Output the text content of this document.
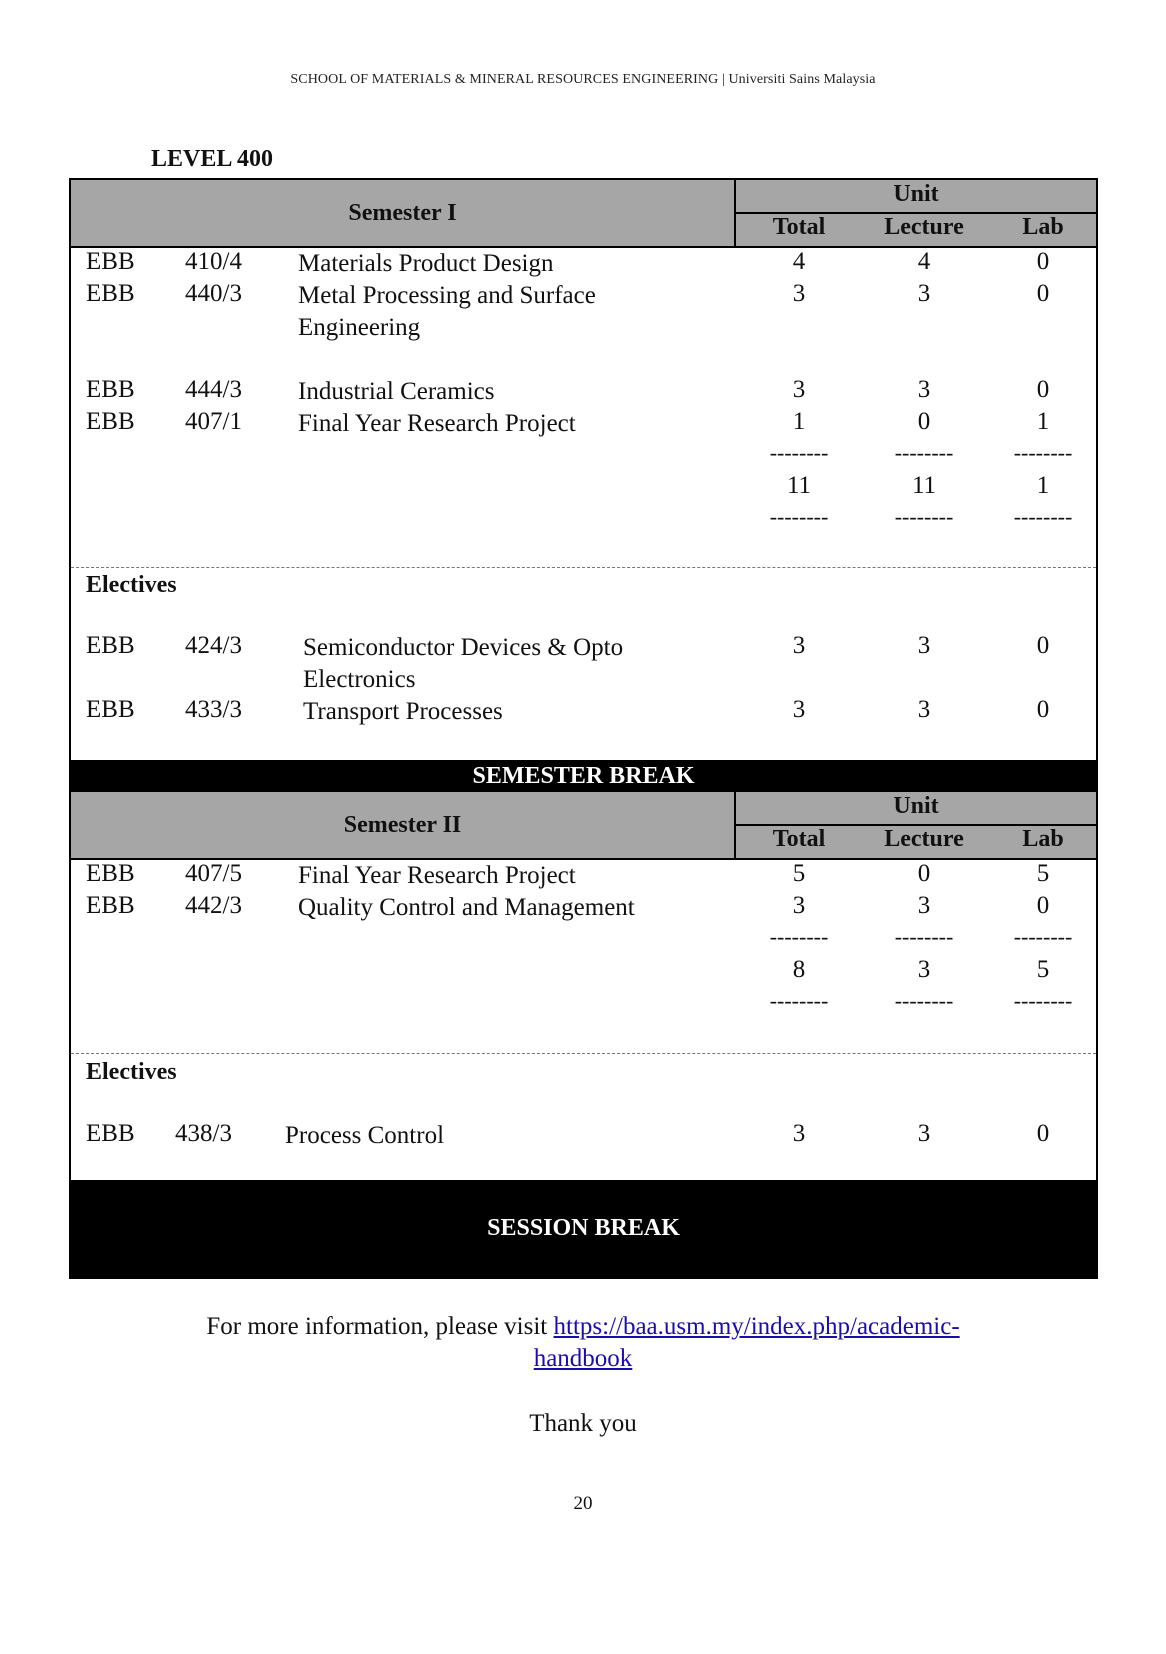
SCHOOL OF MATERIALS & MINERAL RESOURCES ENGINEERING | Universiti Sains Malaysia
LEVEL 400
Semester I
Unit
Total	Lecture	Lab
EBB 410/4 Materials Product Design	4	4	0
EBB 440/3 Metal Processing and Surface Engineering
3	3	0
EBB 444/3 Industrial Ceramics	3	3	0
EBB 407/1 Final Year Research Project	1	0	1
--------	--------	--------
11	11	1
--------	--------	--------
Electives
EBB 424/3 Semiconductor Devices & Opto Electronics
3	3	0
EBB 433/3 Transport Processes	3	3	0
SEMESTER BREAK
Semester II
Unit
Total	Lecture	Lab
EBB 407/5 Final Year Research Project	5	0	5
EBB 442/3 Quality Control and Management	3	3	0
--------	--------	--------
8	3	5
--------	--------	--------
Electives
EBB 438/3 Process Control	3	3	0
SESSION BREAK
For more information, please visit https://baa.usm.my/index.php/academic-
handbook
Thank you
20
